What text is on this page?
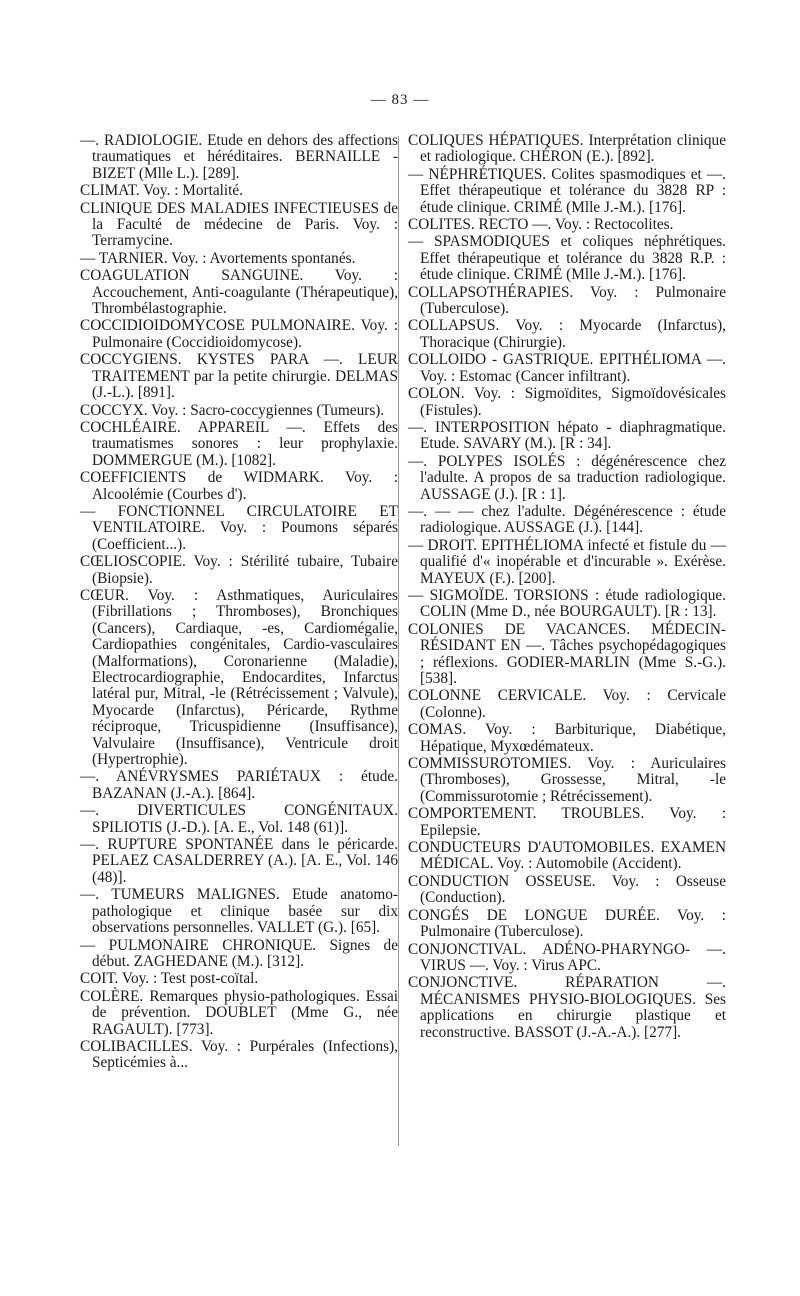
— 83 —

—. RADIOLOGIE. Etude en dehors des affections traumatiques et héréditaires. BERNAILLE - BIZET (Mlle L.). [289].

CLIMAT. Voy. : Mortalité.

CLINIQUE DES MALADIES INFECTIEUSES de la Faculté de médecine de Paris. Voy. : Terramycine.

— TARNIER. Voy. : Avortements spontanés.

COAGULATION SANGUINE. Voy. : Accouchement, Anti-coagulante (Thérapeutique), Thrombélastographie.

COCCIDIOIDOMYCOSE PULMONAIRE. Voy. : Pulmonaire (Coccidioidomycose).

COCCYGIENS. KYSTES PARA —. LEUR TRAITEMENT par la petite chirurgie. DELMAS (J.-L.). [891].

COCCYX. Voy. : Sacro-coccygiennes (Tumeurs).

COCHLÉAIRE. APPAREIL —. Effets des traumatismes sonores : leur prophylaxie. DOMMERGUE (M.). [1082].

COEFFICIENTS de WIDMARK. Voy. : Alcoolémie (Courbes d').

— FONCTIONNEL CIRCULATOIRE ET VENTILATOIRE. Voy. : Poumons séparés (Coefficient...).

CŒLIOSCOPIE. Voy. : Stérilité tubaire, Tubaire (Biopsie).

CŒUR. Voy. : Asthmatiques, Auriculaires (Fibrillations ; Thromboses), Bronchiques (Cancers), Cardiaque, -es, Cardiomégalie, Cardiopathies congénitales, Cardio-vasculaires (Malformations), Coronarienne (Maladie), Electrocardiographie, Endocardites, Infarctus latéral pur, Mitral, -le (Rétrécissement ; Valvule), Myocarde (Infarctus), Péricarde, Rythme réciproque, Tricuspidienne (Insuffisance), Valvulaire (Insuffisance), Ventricule droit (Hypertrophie).

—. ANÉVRYSMES PARIÉTAUX : étude. BAZANAN (J.-A.). [864].

—. DIVERTICULES CONGÉNITAUX. SPILIOTIS (J.-D.). [A. E., Vol. 148 (61)].

—. RUPTURE SPONTANÉE dans le péricarde. PELAEZ CASALDERREY (A.). [A. E., Vol. 146 (48)].

—. TUMEURS MALIGNES. Etude anatomo-pathologique et clinique basée sur dix observations personnelles. VALLET (G.). [65].

— PULMONAIRE CHRONIQUE. Signes de début. ZAGHEDANE (M.). [312].

COIT. Voy. : Test post-coïtal.

COLÈRE. Remarques physio-pathologiques. Essai de prévention. DOUBLET (Mme G., née RAGAULT). [773].

COLIBACILLES. Voy. : Purpérales (Infections), Septicémies à...

COLIQUES HÉPATIQUES. Interprétation clinique et radiologique. CHÉRON (E.). [892].

— NÉPHRÉTIQUES. Colites spasmodiques et —. Effet thérapeutique et tolérance du 3828 RP : étude clinique. CRIMÉ (Mlle J.-M.). [176].

COLITES. RECTO —. Voy. : Rectocolites.

— SPASMODIQUES et coliques néphrétiques. Effet thérapeutique et tolérance du 3828 R.P. : étude clinique. CRIMÉ (Mlle J.-M.). [176].

COLLAPSOTHÉRAPIES. Voy. : Pulmonaire (Tuberculose).

COLLAPSUS. Voy. : Myocarde (Infarctus), Thoracique (Chirurgie).

COLLOIDO - GASTRIQUE. EPITHÉLIOMA —. Voy. : Estomac (Cancer infiltrant).

COLON. Voy. : Sigmoïdites, Sigmoïdovésicales (Fistules).

—. INTERPOSITION hépato - diaphragmatique. Etude. SAVARY (M.). [R : 34].

—. POLYPES ISOLÉS : dégénérescence chez l'adulte. A propos de sa traduction radiologique. AUSSAGE (J.). [R : 1].

—. — — chez l'adulte. Dégénérescence : étude radiologique. AUSSAGE (J.). [144].

— DROIT. EPITHÉLIOMA infecté et fistule du — qualifié d'« inopérable et d'incurable ». Exérèse. MAYEUX (F.). [200].

— SIGMOÏDE. TORSIONS : étude radiologique. COLIN (Mme D., née BOURGAULT). [R : 13].

COLONIES DE VACANCES. MÉDECIN-RÉSIDANT EN —. Tâches psychopédagogiques ; réflexions. GODIER-MARLIN (Mme S.-G.). [538].

COLONNE CERVICALE. Voy. : Cervicale (Colonne).

COMAS. Voy. : Barbiturique, Diabétique, Hépatique, Myxœdémateux.

COMMISSUROTOMIES. Voy. : Auriculaires (Thromboses), Grossesse, Mitral, -le (Commissurotomie ; Rétrécissement).

COMPORTEMENT. TROUBLES. Voy. : Epilepsie.

CONDUCTEURS D'AUTOMOBILES. EXAMEN MÉDICAL. Voy. : Automobile (Accident).

CONDUCTION OSSEUSE. Voy. : Osseuse (Conduction).

CONGÉS DE LONGUE DURÉE. Voy. : Pulmonaire (Tuberculose).

CONJONCTIVAL. ADÉNO-PHARYNGO- —. VIRUS —. Voy. : Virus APC.

CONJONCTIVE. RÉPARATION —. MÉCANISMES PHYSIO-BIOLOGIQUES. Ses applications en chirurgie plastique et reconstructive. BASSOT (J.-A.-A.). [277].
